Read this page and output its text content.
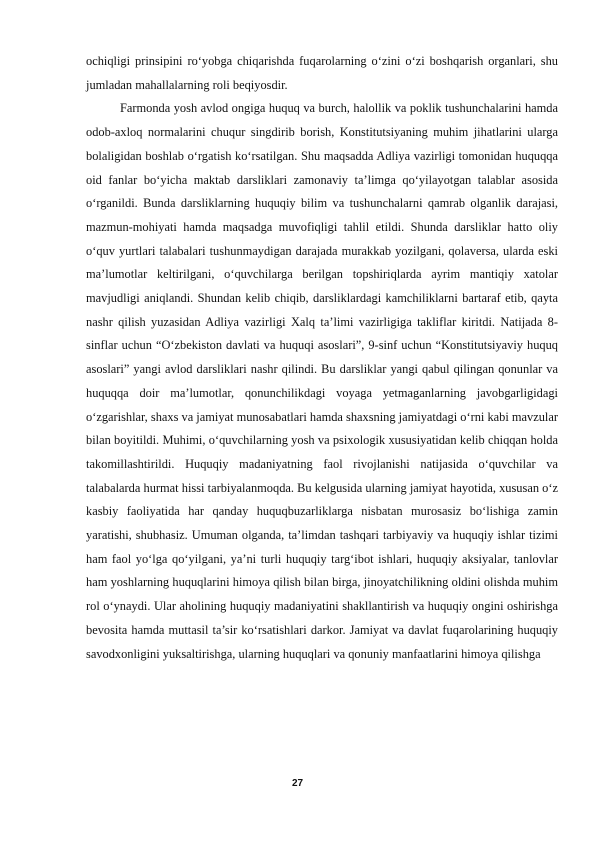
ochiqligi prinsipini ro‘yobga chiqarishda fuqarolarning o‘zini o‘zi boshqarish organlari, shu jumladan mahallalarning roli beqiyosdir.

Farmonda yosh avlod ongiga huquq va burch, halollik va poklik tushunchalarini hamda odob-axloq normalarini chuqur singdirib borish, Konstitutsiyaning muhim jihatlarini ularga bolaligidan boshlab o‘rgatish ko‘rsatilgan. Shu maqsadda Adliya vazirligi tomonidan huquqqa oid fanlar bo‘yicha maktab darsliklari zamonaviy ta’limga qo‘yilayotgan talablar asosida o‘rganildi. Bunda darsliklarning huquqiy bilim va tushunchalarni qamrab olganlik darajasi, mazmun-mohiyati hamda maqsadga muvofiqligi tahlil etildi. Shunda darsliklar hatto oliy o‘quv yurtlari talabalari tushunmaydigan darajada murakkab yozilgani, qolaversa, ularda eski ma’lumotlar keltirilgani, o‘quvchilarga berilgan topshiriqlarda ayrim mantiqiy xatolar mavjudligi aniqlandi. Shundan kelib chiqib, darsliklardagi kamchiliklarni bartaraf etib, qayta nashr qilish yuzasidan Adliya vazirligi Xalq ta’limi vazirligiga takliflar kiritdi. Natijada 8-sinflar uchun “O‘zbekiston davlati va huquqi asoslari”, 9-sinf uchun “Konstitutsiyaviy huquq asoslari” yangi avlod darsliklari nashr qilindi. Bu darsliklar yangi qabul qilingan qonunlar va huquqqa doir ma’lumotlar, qonunchilikdagi voyaga yetmaganlarning javobgarligidagi o‘zgarishlar, shaxs va jamiyat munosabatlari hamda shaxsning jamiyatdagi o‘rni kabi mavzular bilan boyitildi. Muhimi, o‘quvchilarning yosh va psixologik xususiyatidan kelib chiqqan holda takomillashtirildi. Huquqiy madaniyatning faol rivojlanishi natijasida o‘quvchilar va talabalarda hurmat hissi tarbiyalanmoqda. Bu kelgusida ularning jamiyat hayotida, xususan o‘z kasbiy faoliyatida har qanday huquqbuzarliklarga nisbatan murosasiz bo‘lishiga zamin yaratishi, shubhasiz. Umuman olganda, ta’limdan tashqari tarbiyaviy va huquqiy ishlar tizimi ham faol yo‘lga qo‘yilgani, ya’ni turli huquqiy targ‘ibot ishlari, huquqiy aksiyalar, tanlovlar ham yoshlarning huquqlarini himoya qilish bilan birga, jinoyatchilikning oldini olishda muhim rol o‘ynaydi. Ular aholining huquqiy madaniyatini shakllantirish va huquqiy ongini oshirishga bevosita hamda muttasil ta’sir ko‘rsatishlari darkor. Jamiyat va davlat fuqarolarining huquqiy savodxonligini yuksaltirishga, ularning huquqlari va qonuniy manfaatlarini himoya qilishga

27
